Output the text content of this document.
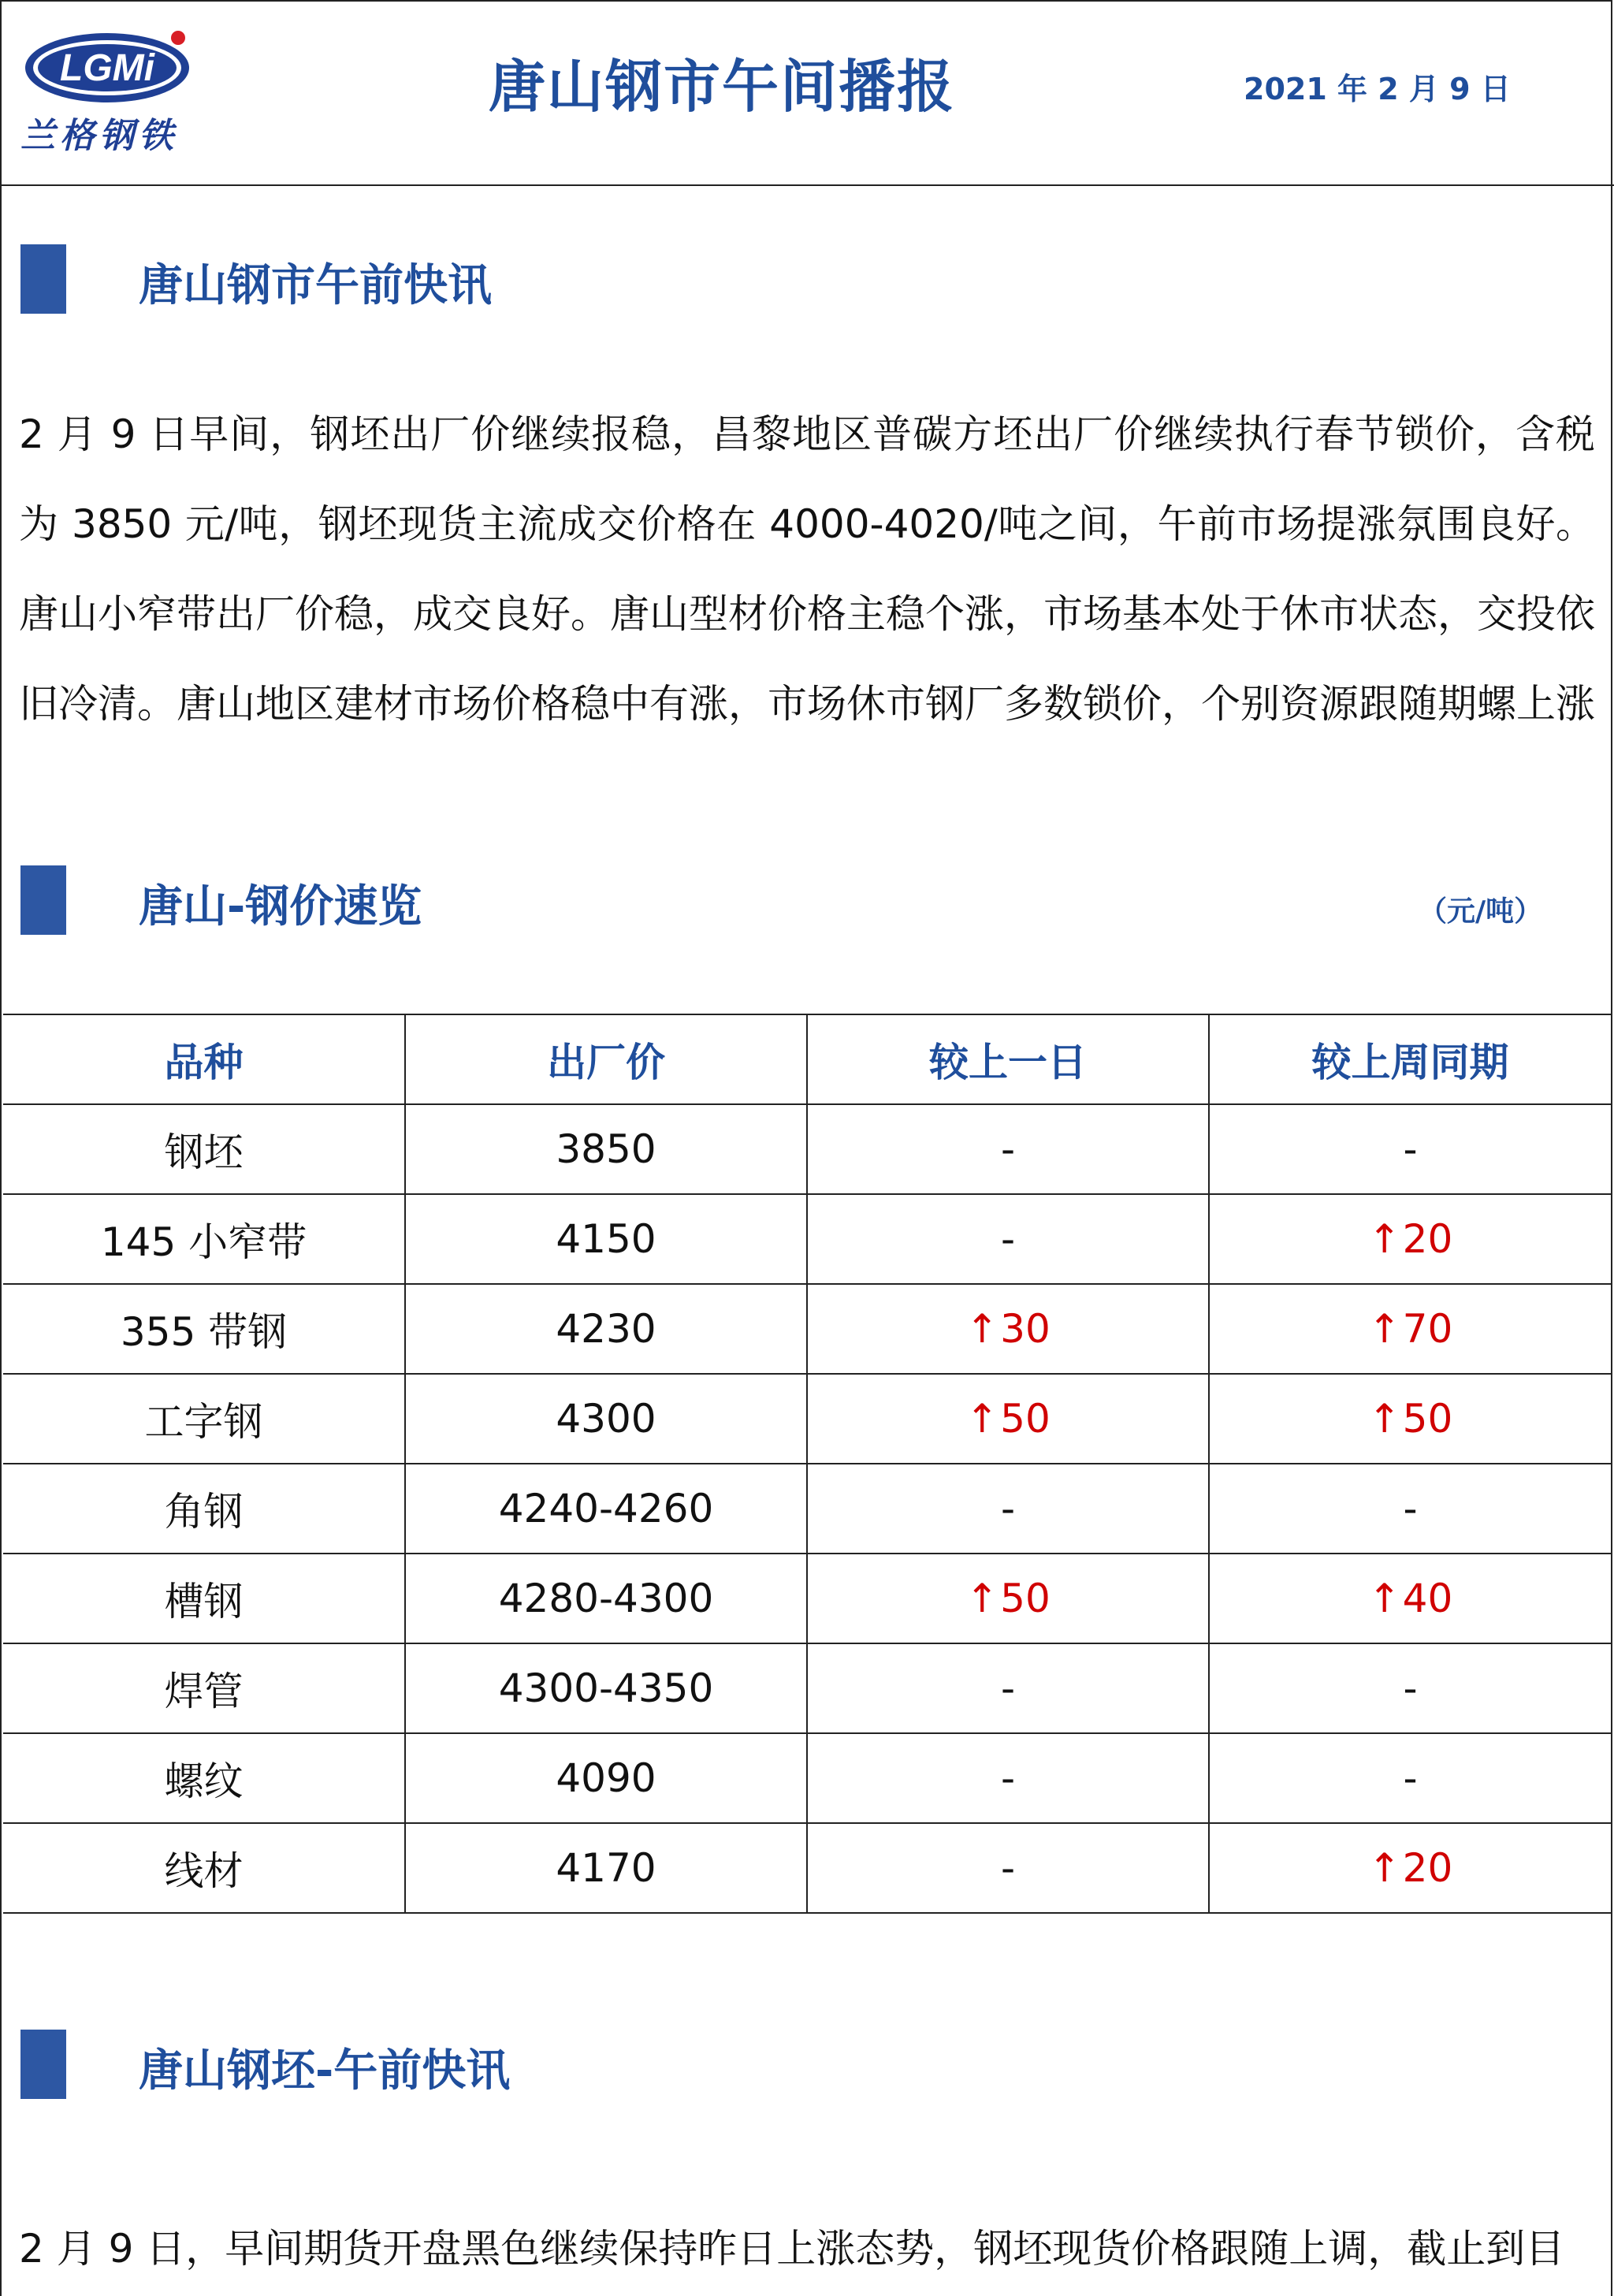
LGMi
兰格钢铁
唐山钢市午间播报	2021 年 2 月 9 日
唐山钢市午前快讯
2 月 9 日早间，钢坯出厂价继续报稳，昌黎地区普碳方坯出厂价继续执行春节锁价，含税为 3850 元/吨，钢坯现货主流成交价格在 4000-4020/吨之间，午前市场提涨氛围良好。唐山小窄带出厂价稳，成交良好。唐山型材价格主稳个涨，市场基本处于休市状态，交投依旧冷清。唐山地区建材市场价格稳中有涨，市场休市钢厂多数锁价，个别资源跟随期螺上涨
唐山-钢价速览	（元/吨）
品种	出厂价	较上一日	较上周同期
钢坯	3850	-	-
145 小窄带	4150	-	↑20
355 带钢	4230	↑30	↑70
工字钢	4300	↑50	↑50
角钢	4240-4260	-	-
槽钢	4280-4300	↑50	↑40
焊管	4300-4350	-	-
螺纹	4090	-	-
线材	4170	-	↑20
唐山钢坯-午前快讯
2 月 9 日，早间期货开盘黑色继续保持昨日上涨态势，钢坯现货价格跟随上调，截止到目
